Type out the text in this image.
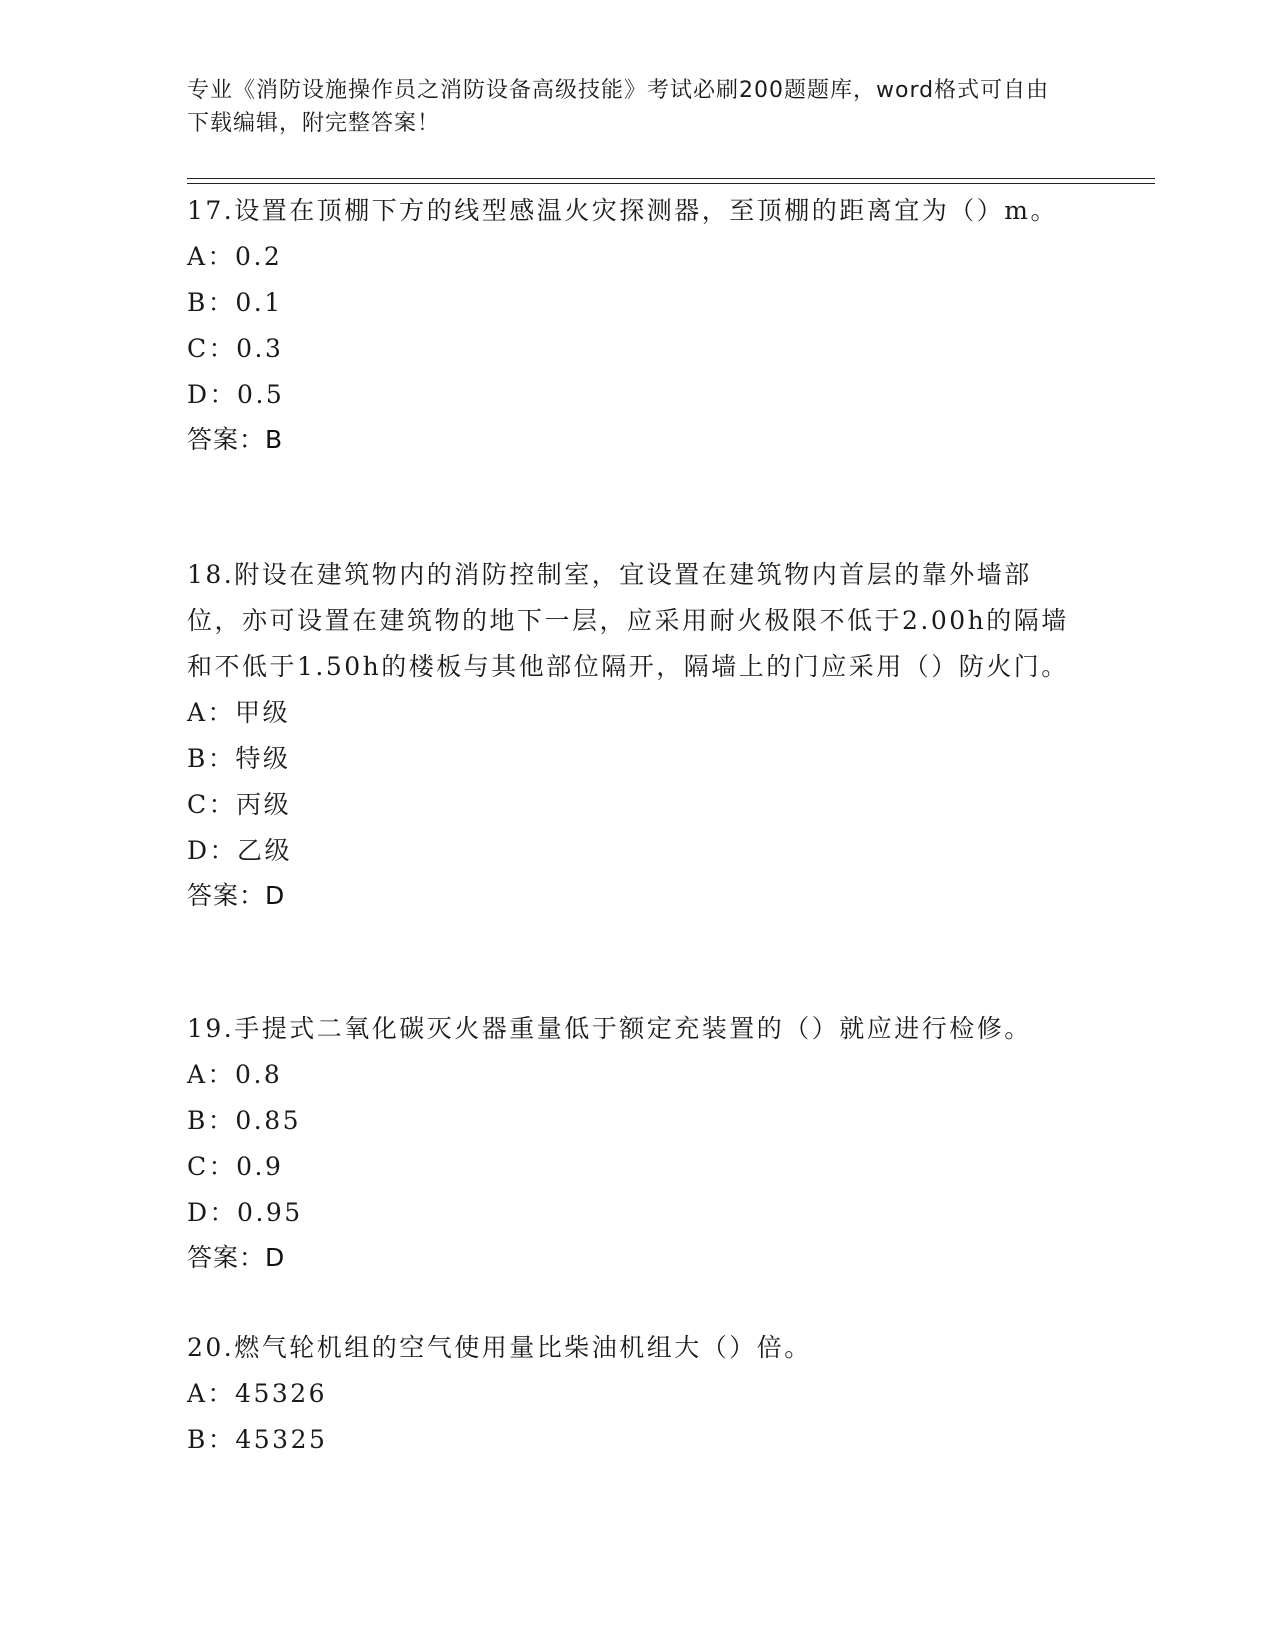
专业《消防设施操作员之消防设备高级技能》考试必刷200题题库，word格式可自由下载编辑，附完整答案！

17.设置在顶棚下方的线型感温火灾探测器，至顶棚的距离宜为（）m。

A：0.2

B：0.1

C：0.3

D：0.5

答案：B

18.附设在建筑物内的消防控制室，宜设置在建筑物内首层的靠外墙部位，亦可设置在建筑物的地下一层，应采用耐火极限不低于2.00h的隔墙和不低于1.50h的楼板与其他部位隔开，隔墙上的门应采用（）防火门。

A：甲级

B：特级

C：丙级

D：乙级

答案：D

19.手提式二氧化碳灭火器重量低于额定充装置的（）就应进行检修。

A：0.8

B：0.85

C：0.9

D：0.95

答案：D

20.燃气轮机组的空气使用量比柴油机组大（）倍。

A：45326

B：45325
